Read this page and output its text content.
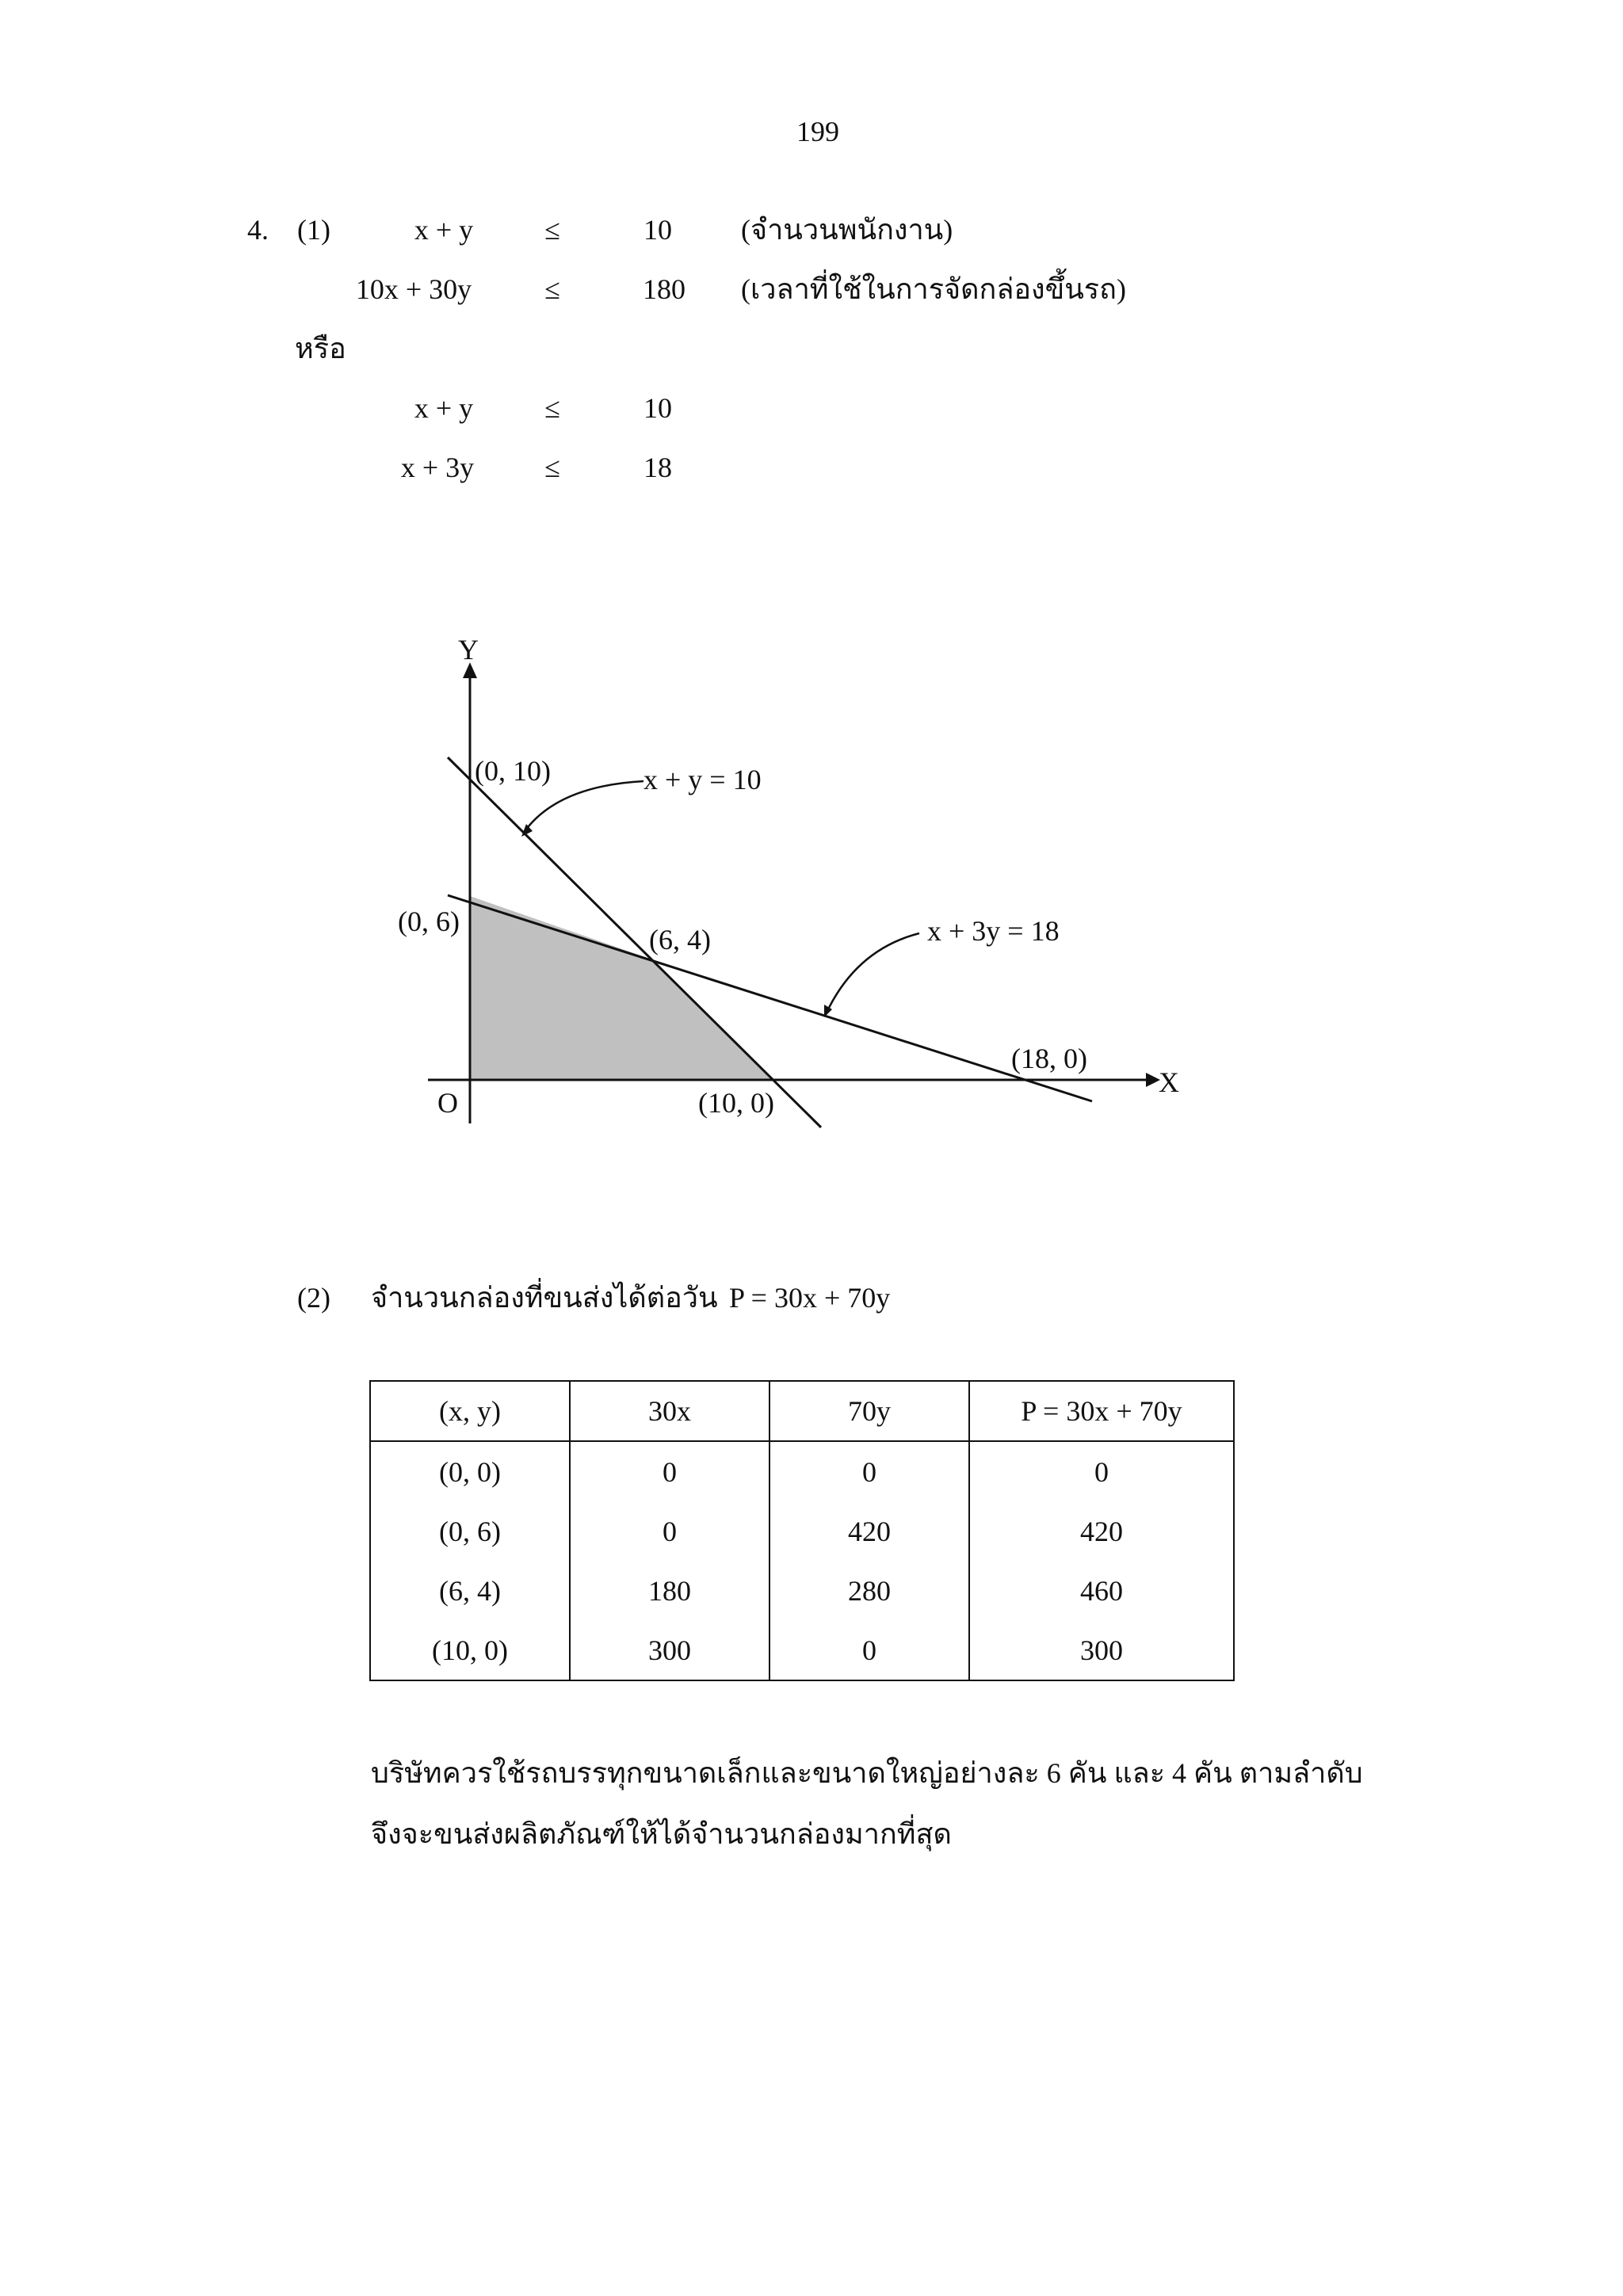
199
4. (1)	x + y ≤	10 (จำนวนพนักงาน)
10x + 30y	≤	180 (เวลาที่ใช้ในการจัดกล่องขึ้นรถ)
หรือ
x + y ≤	10
x + 3y ≤	18
Y
X
O
(0, 10)
(0, 6)
(6, 4)
(10, 0)
(18, 0)
x + y = 10
x + 3y = 18
(2) จำนวนกล่องที่ขนส่งได้ต่อวัน P = 30x + 70y
(x, y)	30x	70y	P = 30x + 70y
(0, 0)	0	0	0
(0, 6)	0	420	420
(6, 4)	180	280	460
(10, 0)	300	0	300
บริษัทควรใช้รถบรรทุกขนาดเล็กและขนาดใหญ่อย่างละ 6 คัน และ 4 คัน ตามลำดับ
จึงจะขนส่งผลิตภัณฑ์ให้ได้จำนวนกล่องมากที่สุด
